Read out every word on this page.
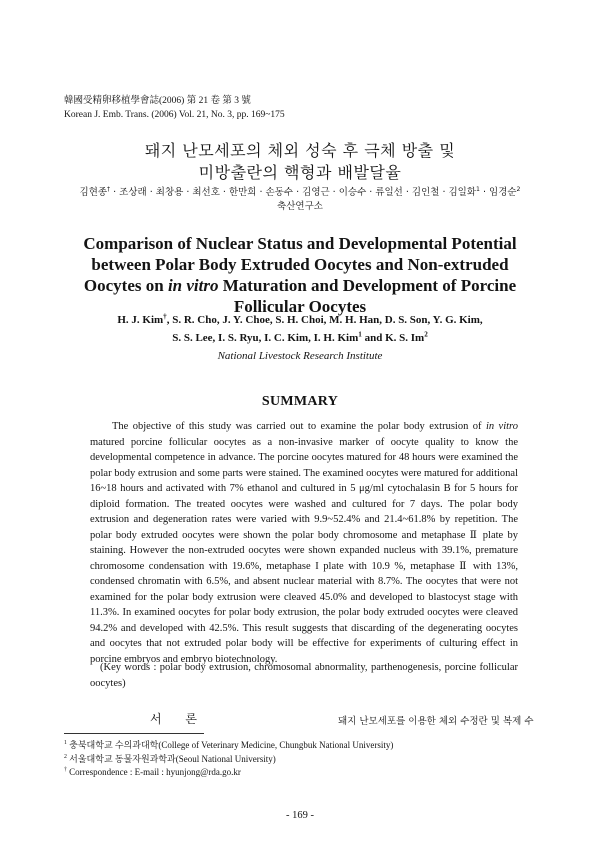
韓國受精卵移植學會誌(2006) 第 21 卷 第 3 號
Korean J. Emb. Trans. (2006) Vol. 21, No. 3, pp. 169~175
돼지 난모세포의 체외 성숙 후 극체 방출 및
미방출란의 핵형과 배발달율
김현종† · 조상래 · 최창용 · 최선호 · 한만희 · 손동수 · 김영근 · 이승수 · 류일선 · 김인철 · 김일화$^1$ · 임경순$^2$
축산연구소
Comparison of Nuclear Status and Developmental Potential
between Polar Body Extruded Oocytes and Non-extruded
Oocytes on in vitro Maturation and Development of Porcine
Follicular Oocytes
H. J. Kim†, S. R. Cho, J. Y. Choe, S. H. Choi, M. H. Han, D. S. Son, Y. G. Kim,
S. S. Lee, I. S. Ryu, I. C. Kim, I. H. Kim$^1$ and K. S. Im$^2$
National Livestock Research Institute
SUMMARY

The objective of this study was carried out to examine the polar body extrusion of in vitro matured porcine follicular oocytes as a non-invasive marker of oocyte quality to know the developmental competence in advance. The porcine oocytes matured for 48 hours were examined the polar body extrusion and some parts were stained. The examined oocytes were matured for additional 16~18 hours and activated with 7% ethanol and cultured in 5 μg/ml cytochalasin B for 5 hours for diploid formation. The treated oocytes were washed and cultured for 7 days. The polar body extrusion and degeneration rates were varied with 9.9~52.4% and 21.4~61.8% by repetition. The polar body extruded oocytes were shown the polar body chromosome and metaphase Ⅱ plate by staining. However the non-extruded oocytes were shown expanded nucleus with 39.1%, premature chromosome condensation with 19.6%, metaphase I plate with 10.9 %, metaphase Ⅱ with 13%, condensed chromatin with 6.5%, and absent nuclear material with 8.7%. The oocytes that were not examined for the polar body extrusion were cleaved 45.0% and developed to blastocyst stage with 11.3%. In examined oocytes for polar body extrusion, the polar body extruded oocytes were cleaved 94.2% and developed with 42.5%. This result suggests that discarding of the degenerating oocytes and oocytes that not extruded polar body will be effective for experiments of culturing effect in porcine embryos and embryo biotechnology.

(Key words : polar body extrusion, chromosomal abnormality, parthenogenesis, porcine follicular oocytes)
서 론	돼지 난모세포를 이용한 체외 수정란 및 복제 수
$^1$ 충북대학교 수의과대학(College of Veterinary Medicine, Chungbuk National University)
$^2$ 서울대학교 동물자원과학과(Seoul National University)
† Correspondence : E-mail : hyunjong@rda.go.kr
- 169 -
